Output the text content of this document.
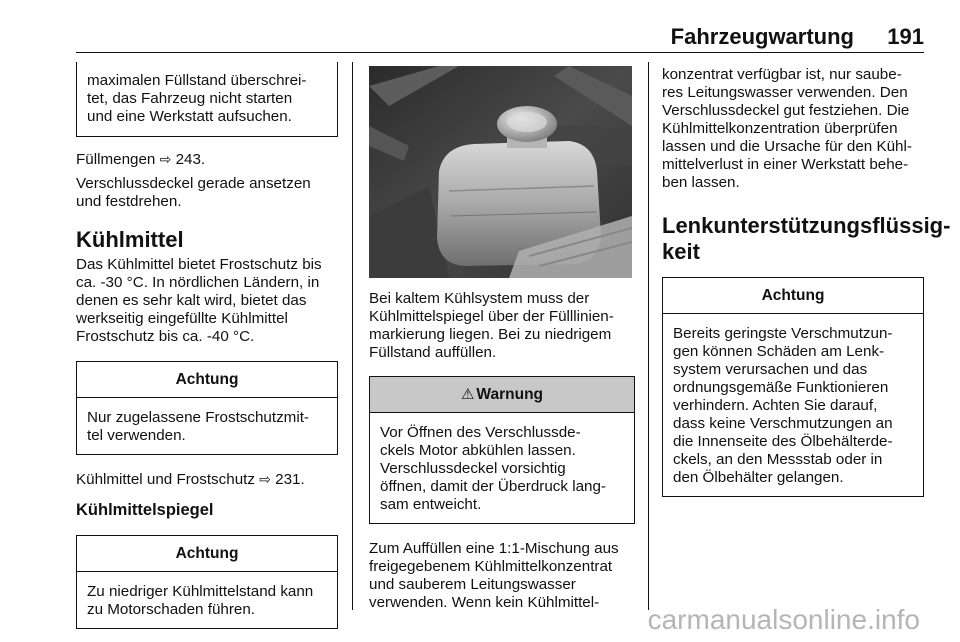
Fahrzeugwartung 191

maximalen Füllstand überschrei-
tet, das Fahrzeug nicht starten
und eine Werkstatt aufsuchen.

Füllmengen ⇨ 243.

Verschlussdeckel gerade ansetzen
und festdrehen.

Kühlmittel

Das Kühlmittel bietet Frostschutz bis
ca. -30 °C. In nördlichen Ländern, in
denen es sehr kalt wird, bietet das
werkseitig eingefüllte Kühlmittel
Frostschutz bis ca. -40 °C.

Achtung
Nur zugelassene Frostschutzmit-
tel verwenden.

Kühlmittel und Frostschutz ⇨ 231.

Kühlmittelspiegel

Achtung
Zu niedriger Kühlmittelstand kann
zu Motorschaden führen.

Bei kaltem Kühlsystem muss der
Kühlmittelspiegel über der Fülllinien-
markierung liegen. Bei zu niedrigem
Füllstand auffüllen.

⚠ Warnung
Vor Öffnen des Verschlussde-
ckels Motor abkühlen lassen.
Verschlussdeckel vorsichtig
öffnen, damit der Überdruck lang-
sam entweicht.

Zum Auffüllen eine 1:1-Mischung aus
freigegebenem Kühlmittelkonzentrat
und sauberem Leitungswasser
verwenden. Wenn kein Kühlmittel-

konzentrat verfügbar ist, nur saube-
res Leitungswasser verwenden. Den
Verschlussdeckel gut festziehen. Die
Kühlmittelkonzentration überprüfen
lassen und die Ursache für den Kühl-
mittelverlust in einer Werkstatt behe-
ben lassen.

Lenkunterstützungsflüssig-
keit

Achtung
Bereits geringste Verschmutzun-
gen können Schäden am Lenk-
system verursachen und das
ordnungsgemäße Funktionieren
verhindern. Achten Sie darauf,
dass keine Verschmutzungen an
die Innenseite des Ölbehälterde-
ckels, an den Messstab oder in
den Ölbehälter gelangen.
carmanualsonline.info
